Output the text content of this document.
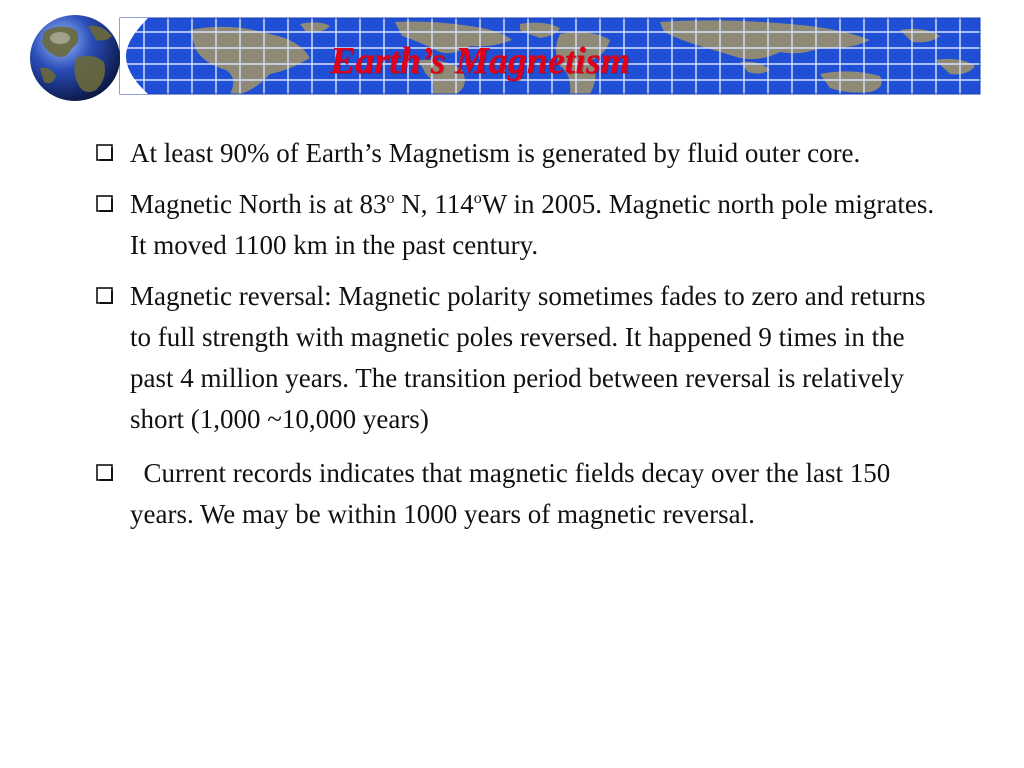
Earth’s Magnetism
At least 90% of Earth’s Magnetism is generated by fluid outer core.
Magnetic North is at 83$^o$ N, 114$^o$W in 2005. Magnetic north pole migrates. It moved 1100 km in the past century.
Magnetic reversal: Magnetic polarity sometimes fades to zero and returns to full strength with magnetic poles reversed. It happened 9 times in the past 4 million years. The transition period between reversal is relatively short (1,000 ~10,000 years)
Current records indicates that magnetic fields decay over the last 150 years. We may be within 1000 years of magnetic reversal.
